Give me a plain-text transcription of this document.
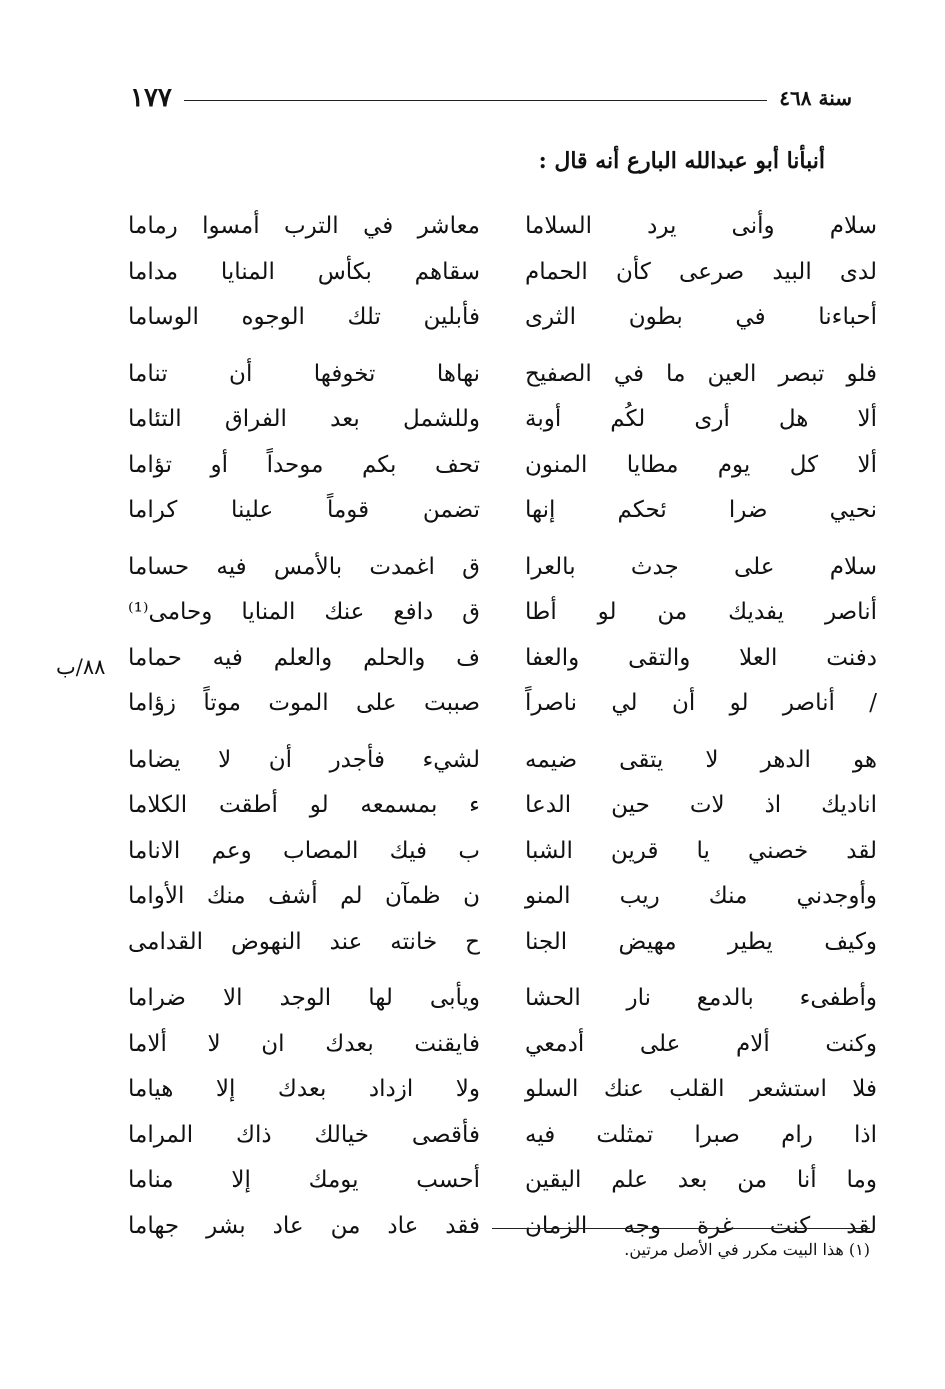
سنة ٤٦٨
١٧٧
أنبأنا أبو عبدالله البارع أنه قال :
سلام وأنى يرد السلاما
لدى البيد صرعى كأن الحمام
أحباءنا في بطون الثرى
فلو تبصر العين ما في الصفيح
ألا هل أرى لكُم أوبة
ألا كل يوم مطايا المنون
نحيي ضرا ئحكم إنها
سلام على جدث بالعرا
أناصر يفديك من لو أطا
دفنت العلا والتقى والعفا
/ أناصر لو أن لي ناصراً
هو الدهر لا يتقى ضيمه
اناديك اذ لات حين الدعا
لقد خصني يا قرين الشبا
وأوجدني منك ريب المنو
وكيف يطير مهيض الجنا
وأطفىء بالدمع نار الحشا
وكنت ألام على أدمعي
فلا استشعر القلب عنك السلو
اذا رام صبرا تمثلت فيه
وما أنا من بعد علم اليقين
لقد كنت غرة وجه الزمان
معاشر في الترب أمسوا رماما
سقاهم بكأس المنايا مداما
فأبلين تلك الوجوه الوساما
نهاها تخوفها أن تناما
وللشمل بعد الفراق التئاما
تحف بكم موحداً أو تؤاما
تضمن قوماً علينا كراما
ق اغمدت بالأمس فيه حساما
ق دافع عنك المنايا وحامى⁽¹⁾
ف والحلم والعلم فيه حماما
صببت على الموت موتاً زؤاما
لشيء فأجدر أن لا يضاما
ء بمسمعه لو أطقت الكلاما
ب فيك المصاب وعم الاناما
ن ظمآن لم أشف منك الأواما
ح خانته عند النهوض القدامى
ويأبى لها الوجد الا ضراما
فايقنت بعدك ان لا ألاما
ولا ازداد بعدك إلا هياما
فأقصى خيالك ذاك المراما
أحسب يومك إلا مناما
فقد عاد من عاد بشر جهاما
٨٨/ب
(١) هذا البيت مكرر في الأصل مرتين.
